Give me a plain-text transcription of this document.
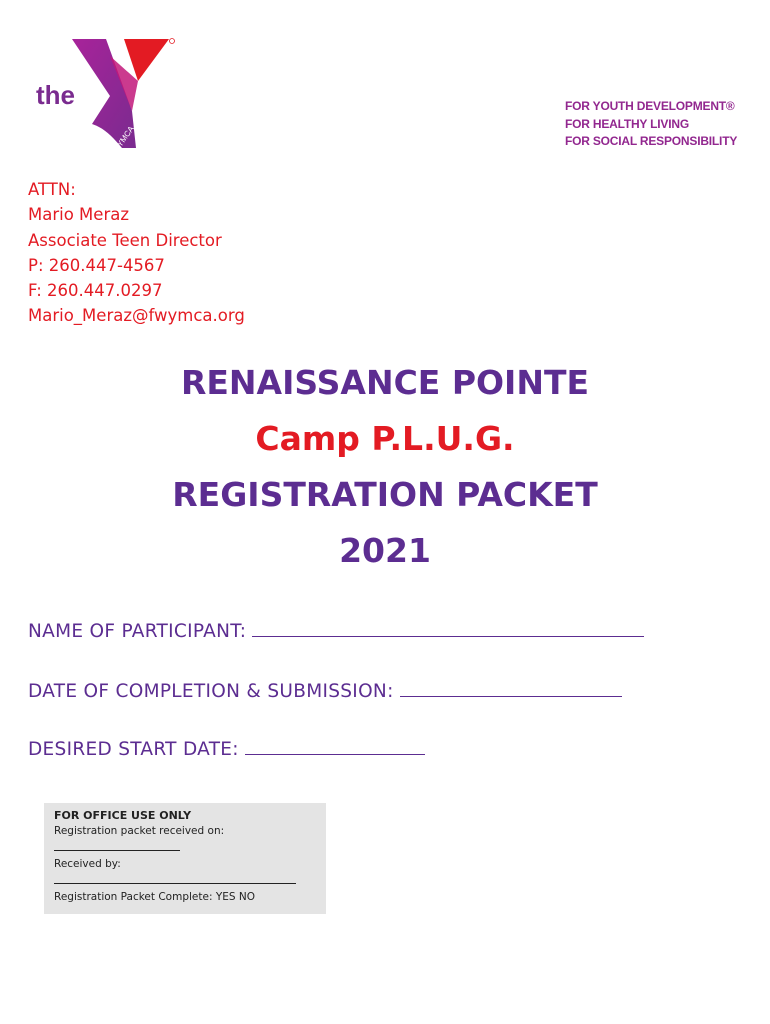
the
YMCA
FOR YOUTH DEVELOPMENT®
FOR HEALTHY LIVING
FOR SOCIAL RESPONSIBILITY
ATTN:
Mario Meraz
Associate Teen Director
P: 260.447-4567
F: 260.447.0297
Mario_Meraz@fwymca.org
RENAISSANCE POINTE
Camp P.L.U.G.
REGISTRATION PACKET
2021
NAME OF PARTICIPANT:
DATE OF COMPLETION & SUBMISSION:
DESIRED START DATE:
FOR OFFICE USE ONLY
Registration packet received on:
Received by:
Registration Packet Complete: YES NO
